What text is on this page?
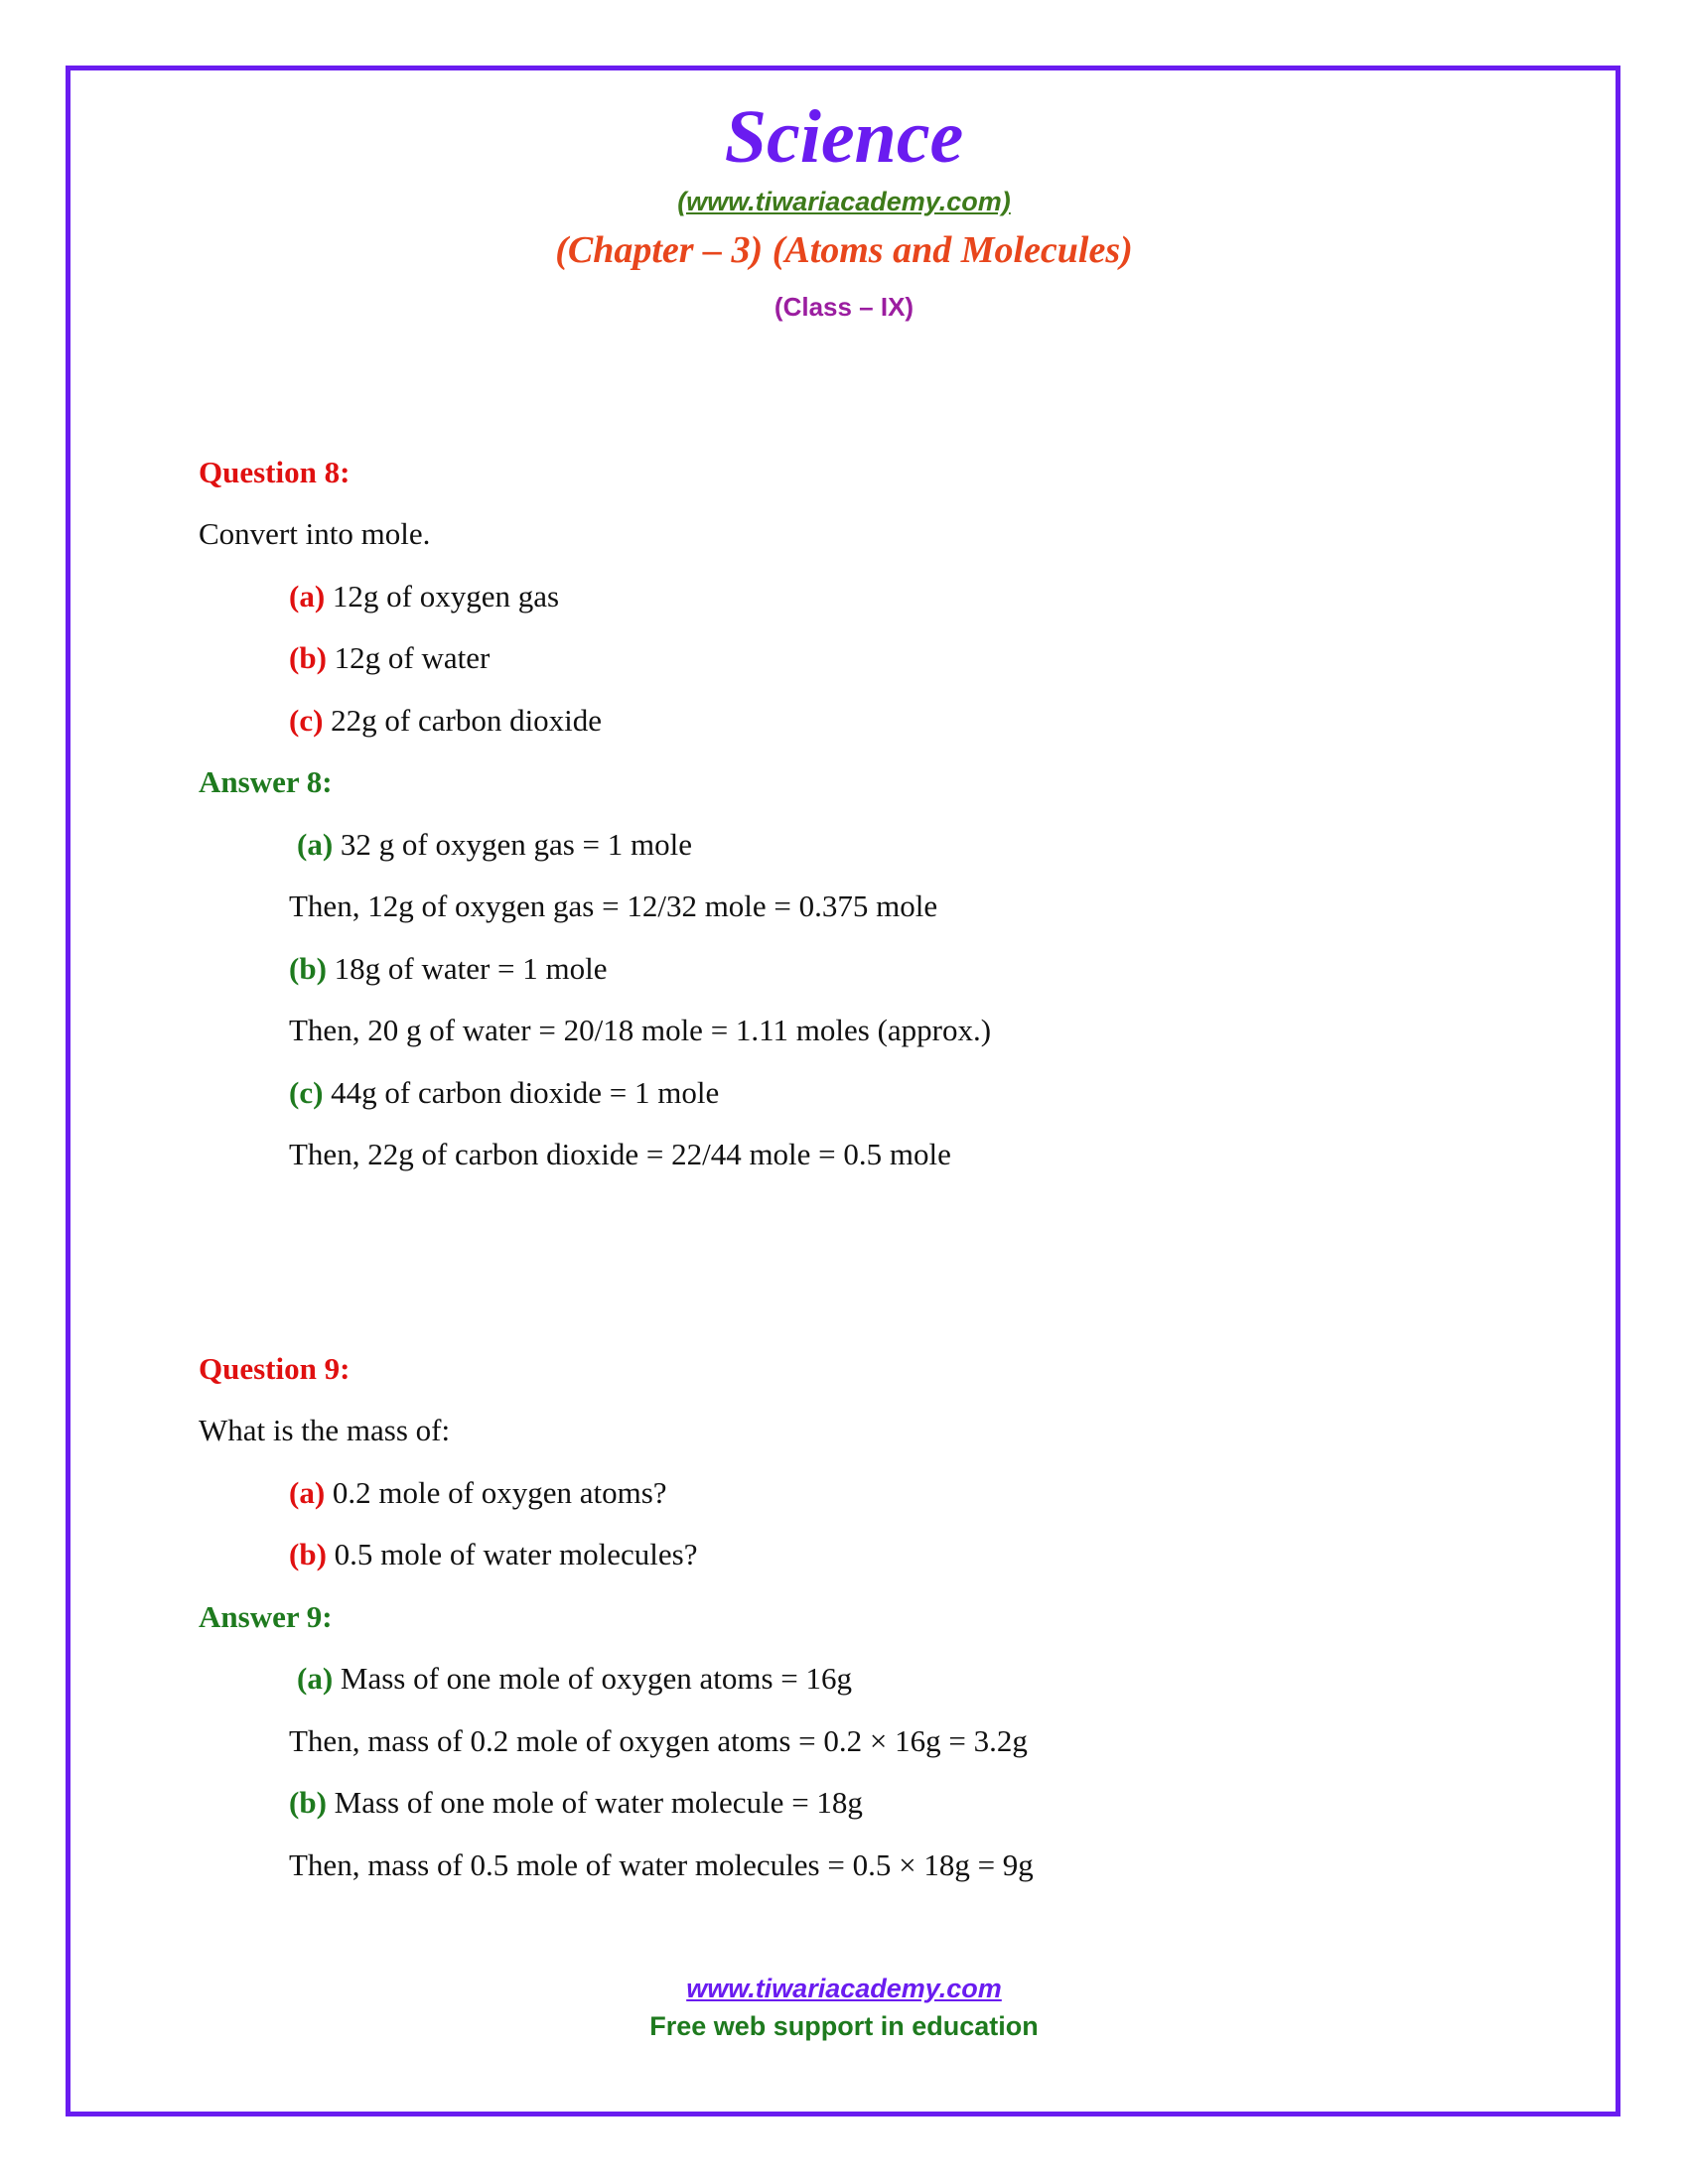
Science
(www.tiwariacademy.com)
(Chapter – 3) (Atoms and Molecules)
(Class – IX)
Question 8:
Convert into mole.
(a) 12g of oxygen gas
(b) 12g of water
(c) 22g of carbon dioxide
Answer 8:
(a) 32 g of oxygen gas = 1 mole
Then, 12g of oxygen gas = 12/32 mole = 0.375 mole
(b) 18g of water = 1 mole
Then, 20 g of water = 20/18 mole = 1.11 moles (approx.)
(c) 44g of carbon dioxide = 1 mole
Then, 22g of carbon dioxide = 22/44 mole = 0.5 mole
Question 9:
What is the mass of:
(a) 0.2 mole of oxygen atoms?
(b) 0.5 mole of water molecules?
Answer 9:
(a) Mass of one mole of oxygen atoms = 16g
Then, mass of 0.2 mole of oxygen atoms = 0.2 × 16g = 3.2g
(b) Mass of one mole of water molecule = 18g
Then, mass of 0.5 mole of water molecules = 0.5 × 18g = 9g
www.tiwariacademy.com
Free web support in education
